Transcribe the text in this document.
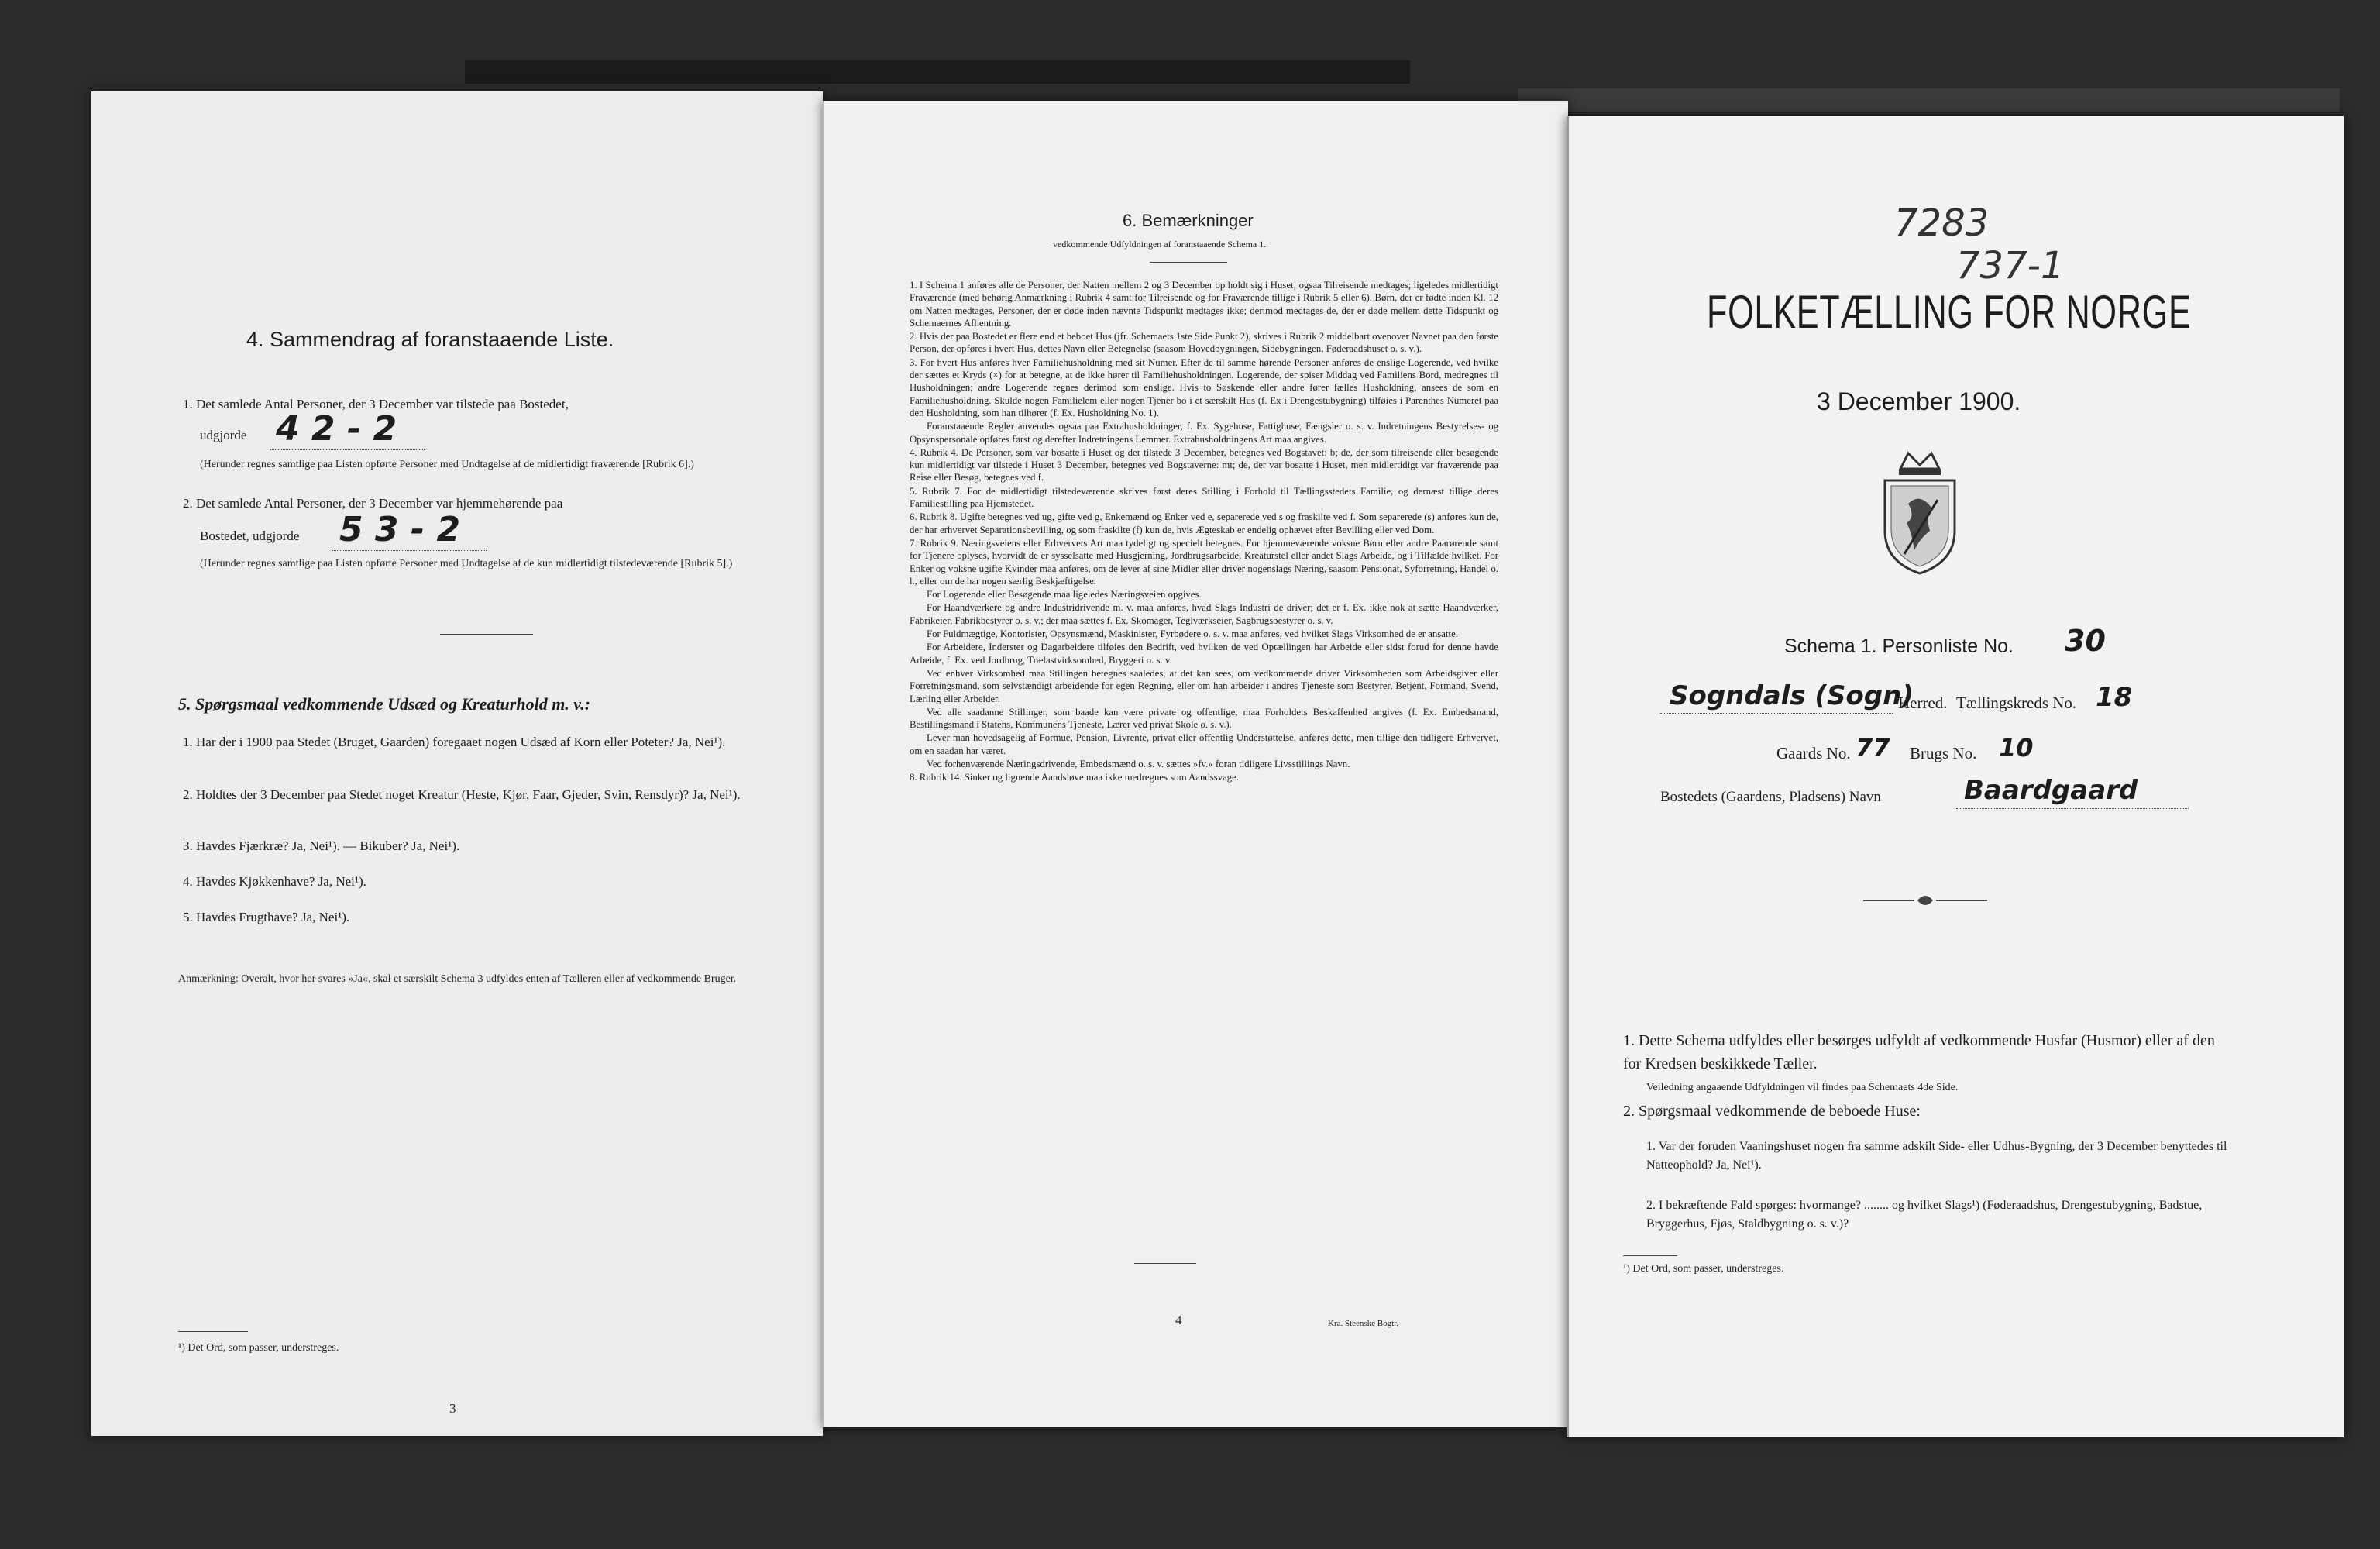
4. Sammendrag af foranstaaende Liste.
1. Det samlede Antal Personer, der 3 December var tilstede paa Bostedet,
udgjorde 4 2 - 2
(Herunder regnes samtlige paa Listen opførte Personer med Undtagelse af de midlertidigt fraværende [Rubrik 6].)
2. Det samlede Antal Personer, der 3 December var hjemmehørende paa
Bostedet, udgjorde 5 3 - 2
(Herunder regnes samtlige paa Listen opførte Personer med Undtagelse af de kun midlertidigt tilstedeværende [Rubrik 5].)
5. Spørgsmaal vedkommende Udsæd og Kreaturhold m. v.:
1. Har der i 1900 paa Stedet (Bruget, Gaarden) foregaaet nogen Udsæd af Korn eller Poteter? Ja, Nei¹).
2. Holdtes der 3 December paa Stedet noget Kreatur (Heste, Kjør, Faar, Gjeder, Svin, Rensdyr)? Ja, Nei¹).
3. Havdes Fjærkræ? Ja, Nei¹). — Bikuber? Ja, Nei¹).
4. Havdes Kjøkkenhave? Ja, Nei¹).
5. Havdes Frugthave? Ja, Nei¹).
Anmærkning: Overalt, hvor her svares »Ja«, skal et særskilt Schema 3 udfyldes enten af Tælleren eller af vedkommende Bruger.
¹) Det Ord, som passer, understreges.
3
6. Bemærkninger
vedkommende Udfyldningen af foranstaaende Schema 1.

1. I Schema 1 anføres alle de Personer, der Natten mellem 2 og 3 December op holdt sig i Huset; ogsaa Tilreisende medtages; ligeledes midlertidigt Fraværende (med behørig Anmærkning i Rubrik 4 samt for Tilreisende og for Fraværende tillige i Rubrik 5 eller 6). Børn, der er fødte inden Kl. 12 om Natten medtages. Personer, der er døde inden nævnte Tidspunkt medtages ikke; derimod medtages de, der er døde mellem dette Tidspunkt og Schemaernes Afhentning.

2. Hvis der paa Bostedet er flere end et beboet Hus (jfr. Schemaets 1ste Side Punkt 2), skrives i Rubrik 2 middelbart ovenover Navnet paa den første Person, der opføres i hvert Hus, dettes Navn eller Betegnelse (saasom Hovedbygningen, Sidebygningen, Føderaadshuset o. s. v.).

3. For hvert Hus anføres hver Familiehusholdning med sit Numer. Efter de til samme hørende Personer anføres de enslige Logerende, ved hvilke der sættes et Kryds (×) for at betegne, at de ikke hører til Familiehusholdningen. Logerende, der spiser Middag ved Familiens Bord, medregnes til Husholdningen; andre Logerende regnes derimod som enslige. Hvis to Søskende eller andre fører fælles Husholdning, ansees de som en Familiehusholdning. Skulde nogen Familielem eller nogen Tjener bo i et særskilt Hus (f. Ex i Drengestubygning) tilføies i Parenthes Numeret paa den Husholdning, som han tilhører (f. Ex. Husholdning No. 1).

Foranstaaende Regler anvendes ogsaa paa Extrahusholdninger, f. Ex. Sygehuse, Fattighuse, Fængsler o. s. v. Indretningens Bestyrelses- og Opsynspersonale opføres først og derefter Indretningens Lemmer. Extrahusholdningens Art maa angives.

4. Rubrik 4. De Personer, som var bosatte i Huset og der tilstede 3 December, betegnes ved Bogstavet: b; de, der som tilreisende eller besøgende kun midlertidigt var tilstede i Huset 3 December, betegnes ved Bogstaverne: mt; de, der var bosatte i Huset, men midlertidigt var fraværende paa Reise eller Besøg, betegnes ved f.

5. Rubrik 7. For de midlertidigt tilstedeværende skrives først deres Stilling i Forhold til Tællingsstedets Familie, og dernæst tillige deres Familiestilling paa Hjemstedet.

6. Rubrik 8. Ugifte betegnes ved ug, gifte ved g, Enkemænd og Enker ved e, separerede ved s og fraskilte ved f. Som separerede (s) anføres kun de, der har erhvervet Separationsbevilling, og som fraskilte (f) kun de, hvis Ægteskab er endelig ophævet efter Bevilling eller ved Dom.

7. Rubrik 9. Næringsveiens eller Erhvervets Art maa tydeligt og specielt betegnes. For hjemmeværende voksne Børn eller andre Paarørende samt for Tjenere oplyses, hvorvidt de er sysselsatte med Husgjerning, Jordbrugsarbeide, Kreaturstel eller andet Slags Arbeide, og i Tilfælde hvilket. For Enker og voksne ugifte Kvinder maa anføres, om de lever af sine Midler eller driver nogenslags Næring, saasom Pensionat, Syforretning, Handel o. l., eller om de har nogen særlig Beskjæftigelse.

For Logerende eller Besøgende maa ligeledes Næringsveien opgives.

For Haandværkere og andre Industridrivende m. v. maa anføres, hvad Slags Industri de driver; det er f. Ex. ikke nok at sætte Haandværker, Fabrikeier, Fabrikbestyrer o. s. v.; der maa sættes f. Ex. Skomager, Teglværkseier, Sagbrugsbestyrer o. s. v.

For Fuldmægtige, Kontorister, Opsynsmænd, Maskinister, Fyrbødere o. s. v. maa anføres, ved hvilket Slags Virksomhed de er ansatte.

For Arbeidere, Inderster og Dagarbeidere tilføies den Bedrift, ved hvilken de ved Optællingen har Arbeide eller sidst forud for denne havde Arbeide, f. Ex. ved Jordbrug, Trælastvirksomhed, Bryggeri o. s. v.

Ved enhver Virksomhed maa Stillingen betegnes saaledes, at det kan sees, om vedkommende driver Virksomheden som Arbeidsgiver eller Forretningsmand, som selvstændigt arbeidende for egen Regning, eller om han arbeider i andres Tjeneste som Bestyrer, Betjent, Formand, Svend, Lærling eller Arbeider.

Ved alle saadanne Stillinger, som baade kan være private og offentlige, maa Forholdets Beskaffenhed angives (f. Ex. Embedsmand, Bestillingsmand i Statens, Kommunens Tjeneste, Lærer ved privat Skole o. s. v.).

Lever man hovedsagelig af Formue, Pension, Livrente, privat eller offentlig Understøttelse, anføres dette, men tillige den tidligere Erhvervet, om en saadan har været.

Ved forhenværende Næringsdrivende, Embedsmænd o. s. v. sættes »fv.« foran tidligere Livsstillings Navn.

8. Rubrik 14. Sinker og lignende Aandsløve maa ikke medregnes som Aandssvage.

4	Kra. Steenske Bogtr.
7283
737-1
FOLKETÆLLING FOR NORGE
3 December 1900.
Schema 1. Personliste No. 30
Sogndals (Sogn)
Herred. Tællingskreds No. 18
Gaards No. 77 Brugs No. 10
Bostedets (Gaardens, Pladsens) Navn	Baardgaard
1. Dette Schema udfyldes eller besørges udfyldt af vedkommende Husfar (Husmor) eller af den for Kredsen beskikkede Tæller.
Veiledning angaaende Udfyldningen vil findes paa Schemaets 4de Side.
2. Spørgsmaal vedkommende de beboede Huse:
1. Var der foruden Vaaningshuset nogen fra samme adskilt Side- eller Udhus-Bygning, der 3 December benyttedes til Natteophold? Ja, Nei¹).
2. I bekræftende Fald spørges: hvormange? ........ og hvilket Slags¹) (Føderaadshus, Drengestubygning, Badstue, Bryggerhus, Fjøs, Staldbygning o. s. v.)?
¹) Det Ord, som passer, understreges.
